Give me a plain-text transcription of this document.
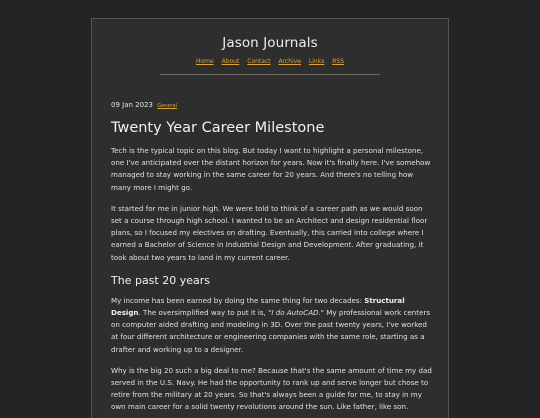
Jason Journals
Home About Contact Archive Links RSS
09 Jan 2023 General
Twenty Year Career Milestone

Tech is the typical topic on this blog. But today I want to highlight a personal milestone, one I've anticipated over the distant horizon for years. Now it's finally here. I've somehow managed to stay working in the same career for 20 years. And there's no telling how many more I might go.

It started for me in junior high. We were told to think of a career path as we would soon set a course through high school. I wanted to be an Architect and design residential floor plans, so I focused my electives on drafting. Eventually, this carried into college where I earned a Bachelor of Science in Industrial Design and Development. After graduating, it took about two years to land in my current career.

The past 20 years

My income has been earned by doing the same thing for two decades: Structural Design. The oversimplified way to put it is, "I do AutoCAD." My professional work centers on computer aided drafting and modeling in 3D. Over the past twenty years, I've worked at four different architecture or engineering companies with the same role, starting as a drafter and working up to a designer.

Why is the big 20 such a big deal to me? Because that's the same amount of time my dad served in the U.S. Navy. He had the opportunity to rank up and serve longer but chose to retire from the military at 20 years. So that's always been a guide for me, to stay in my own main career for a solid twenty revolutions around the sun. Like father, like son.
